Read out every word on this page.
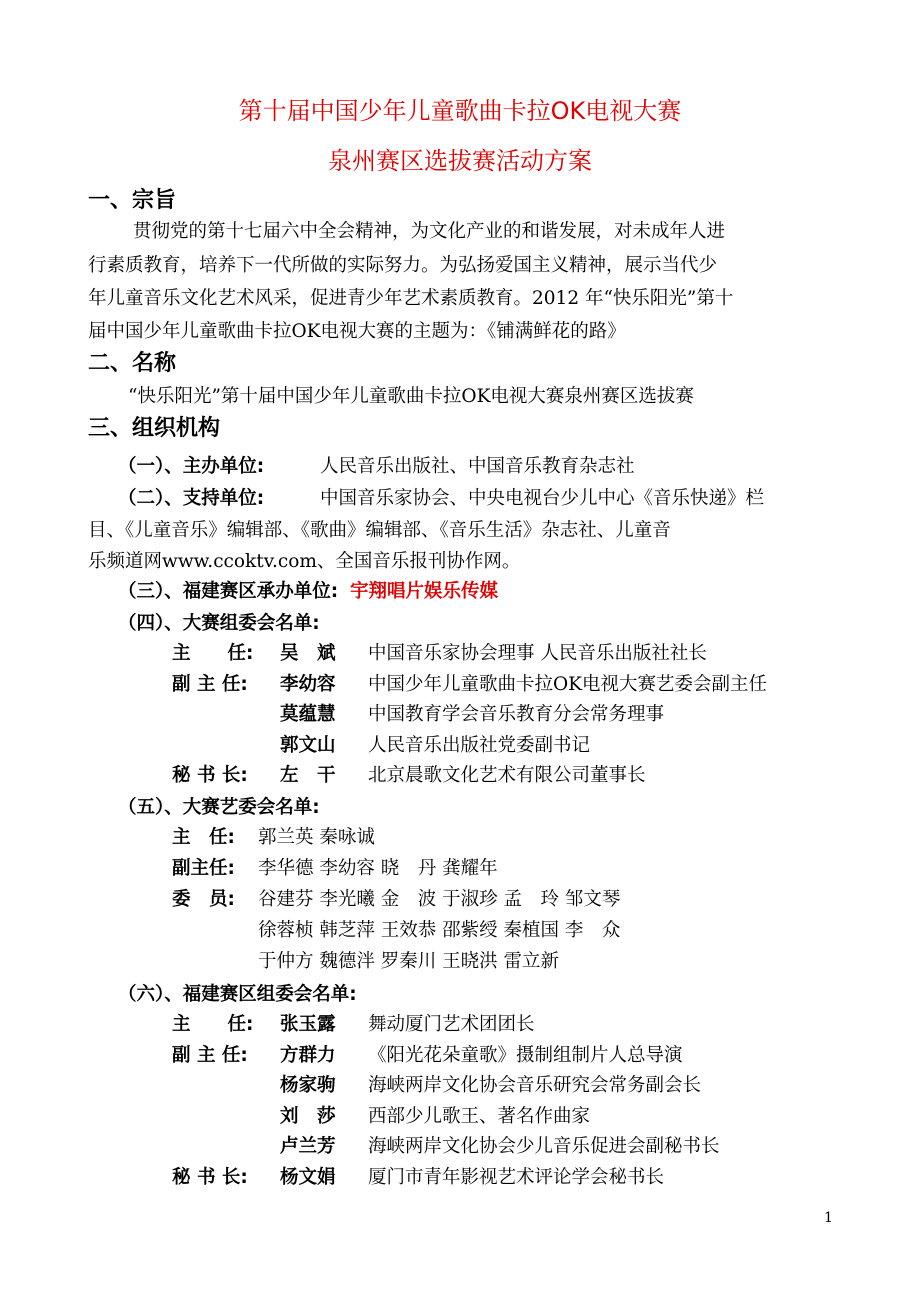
第十届中国少年儿童歌曲卡拉OK电视大赛
泉州赛区选拔赛活动方案
一、宗旨
贯彻党的第十七届六中全会精神，为文化产业的和谐发展，对未成年人进
行素质教育，培养下一代所做的实际努力。为弘扬爱国主义精神，展示当代少
年儿童音乐文化艺术风采，促进青少年艺术素质教育。2012 年“快乐阳光”第十
届中国少年儿童歌曲卡拉OK电视大赛的主题为：《铺满鲜花的路》
二、名称
“快乐阳光”第十届中国少年儿童歌曲卡拉OK电视大赛泉州赛区选拔赛
三、组织机构
（一）、主办单位:	人民音乐出版社、中国音乐教育杂志社
（二）、支持单位:	中国音乐家协会、中央电视台少儿中心《音乐快递》栏
目、《儿童音乐》编辑部、《歌曲》编辑部、《音乐生活》杂志社、儿童音
乐频道网www.ccoktv.com、全国音乐报刊协作网。
（三）、福建赛区承办单位: 宇翔唱片娱乐传媒
（四）、大赛组委会名单:
主　　任: 吴　斌 中国音乐家协会理事 人民音乐出版社社长
副 主 任: 李幼容 中国少年儿童歌曲卡拉OK电视大赛艺委会副主任
莫蕴慧 中国教育学会音乐教育分会常务理事
郭文山 人民音乐出版社党委副书记
秘 书 长: 左　干 北京晨歌文化艺术有限公司董事长
（五）、大赛艺委会名单:
主　任: 郭兰英 秦咏诚
副主任: 李华德 李幼容 晓　丹 龚耀年
委　员: 谷建芬 李光曦 金　波 于淑珍 孟　玲 邹文琴
徐蓉桢 韩芝萍 王效恭 邵紫绶 秦植国 李　众
于仲方 魏德泮 罗秦川 王晓洪 雷立新
（六）、福建赛区组委会名单:
主　　任: 张玉露 舞动厦门艺术团团长
副 主 任: 方群力 《阳光花朵童歌》摄制组制片人总导演
杨家驹 海峡两岸文化协会音乐研究会常务副会长
刘　莎 西部少儿歌王、著名作曲家
卢兰芳 海峡两岸文化协会少儿音乐促进会副秘书长
秘 书 长: 杨文娟 厦门市青年影视艺术评论学会秘书长
1
